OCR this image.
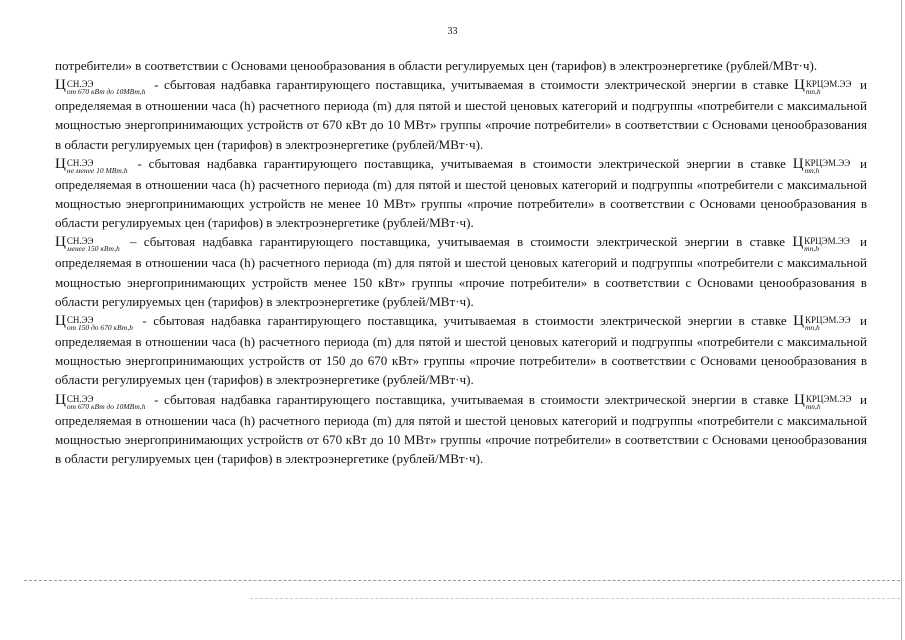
33

потребители» в соответствии с Основами ценообразования в области регулируемых цен (тарифов) в электроэнергетике (рублей/МВт·ч).

Ц СН.ЭЭ
от 670 кВт до 10МВт,h - сбытовая надбавка гарантирующего поставщика, учитываемая в стоимости электрической энергии в ставке Ц КРЦЭМ.ЭЭ
mn,h	и определяемая в отношении часа (h) расчетного периода (m) для пятой и шестой ценовых категорий и подгруппы «потребители с максимальной мощностью энергопринимающих устройств от 670 кВт до 10 МВт» группы «прочие потребители» в соответствии с Основами ценообразования в области регулируемых цен (тарифов) в электроэнергетике (рублей/МВт·ч).

Ц СН.ЭЭ
не менее 10 МВт,h - сбытовая надбавка гарантирующего поставщика, учитываемая в стоимости электрической энергии в ставке Ц КРЦЭМ.ЭЭ
mn,h	и определяемая в отношении часа (h) расчетного периода (m) для пятой и шестой ценовых категорий и подгруппы «потребители с максимальной мощностью энергопринимающих устройств не менее 10 МВт» группы «прочие потребители» в соответствии с Основами ценообразования в области регулируемых цен (тарифов) в электроэнергетике (рублей/МВт·ч).

Ц СН.ЭЭ
менее 150 кВт,h – сбытовая надбавка гарантирующего поставщика, учитываемая в стоимости электрической энергии в ставке Ц КРЦЭМ.ЭЭ
mn,h	и определяемая в отношении часа (h) расчетного периода (m) для пятой и шестой ценовых категорий и подгруппы «потребители с максимальной мощностью энергопринимающих устройств менее 150 кВт» группы «прочие потребители» в соответствии с Основами ценообразования в области регулируемых цен (тарифов) в электроэнергетике (рублей/МВт·ч).

Ц СН.ЭЭ
от 150 до 670 кВт,h - сбытовая надбавка гарантирующего поставщика, учитываемая в стоимости электрической энергии в ставке Ц КРЦЭМ.ЭЭ
mn,h	и определяемая в отношении часа (h) расчетного периода (m) для пятой и шестой ценовых категорий и подгруппы «потребители с максимальной мощностью энергопринимающих устройств от 150 до 670 кВт» группы «прочие потребители» в соответствии с Основами ценообразования в области регулируемых цен (тарифов) в электроэнергетике (рублей/МВт·ч).

Ц СН.ЭЭ
от 670 кВт до 10МВт,h - сбытовая надбавка гарантирующего поставщика, учитываемая в стоимости электрической энергии в ставке Ц КРЦЭМ.ЭЭ
mn,h	и определяемая в отношении часа (h) расчетного периода (m) для пятой и шестой ценовых категорий и подгруппы «потребители с максимальной мощностью энергопринимающих устройств от 670 кВт до 10 МВт» группы «прочие потребители» в соответствии с Основами ценообразования в области регулируемых цен (тарифов) в электроэнергетике (рублей/МВт·ч).
